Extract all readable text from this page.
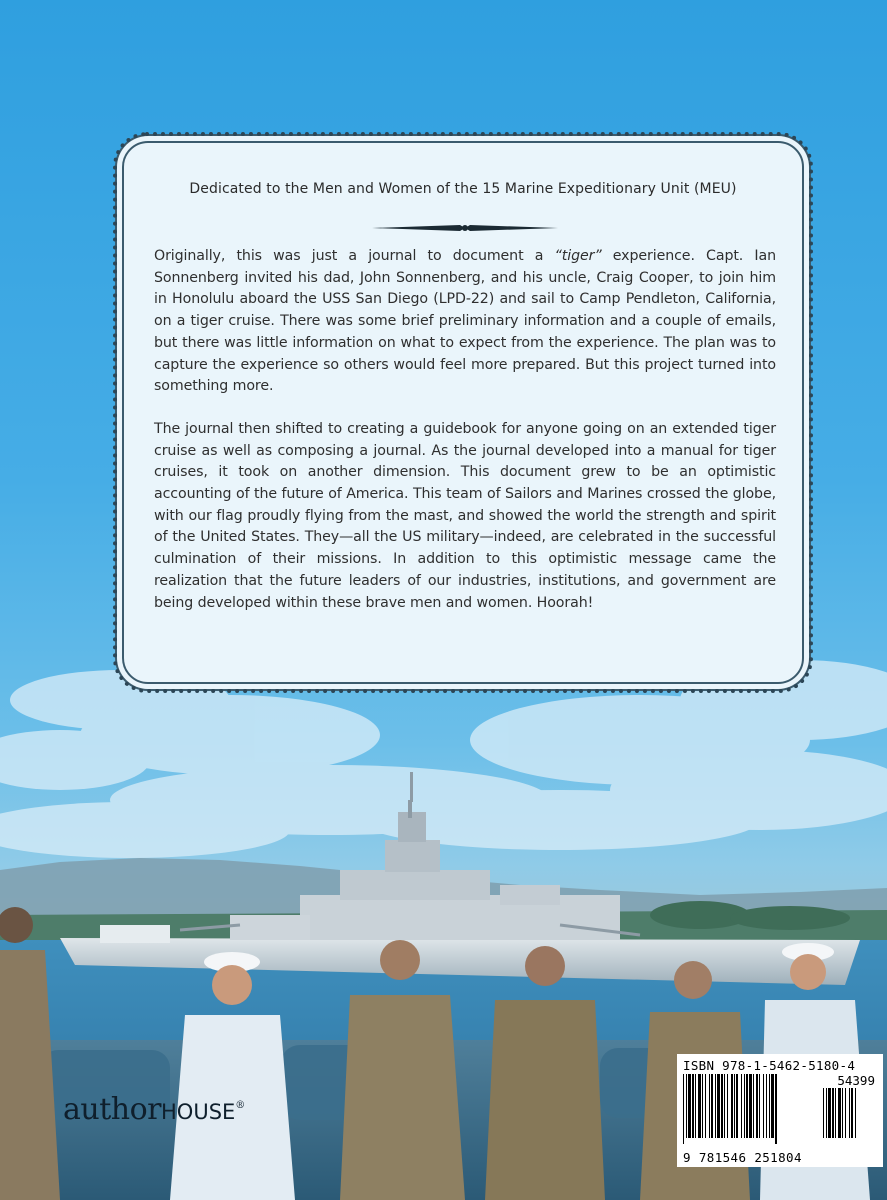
Dedicated to the Men and Women of the 15 Marine Expeditionary Unit (MEU)

Originally, this was just a journal to document a “tiger” experience. Capt. Ian Sonnenberg invited his dad, John Sonnenberg, and his uncle, Craig Cooper, to join him in Honolulu aboard the USS San Diego (LPD-22) and sail to Camp Pendleton, California, on a tiger cruise. There was some brief preliminary information and a couple of emails, but there was little information on what to expect from the experience. The plan was to capture the experience so others would feel more prepared. But this project turned into something more.

The journal then shifted to creating a guidebook for anyone going on an extended tiger cruise as well as composing a journal. As the journal developed into a manual for tiger cruises, it took on another dimension. This document grew to be an optimistic accounting of the future of America. This team of Sailors and Marines crossed the globe, with our flag proudly flying from the mast, and showed the world the strength and spirit of the United States. They—all the US military—indeed, are celebrated in the successful culmination of their missions. In addition to this optimistic message came the realization that the future leaders of our industries, institutions, and government are being developed within these brave men and women. Hoorah!

authorHOUSE®
ISBN 978-1-5462-5180-4
54399
9 781546 251804
